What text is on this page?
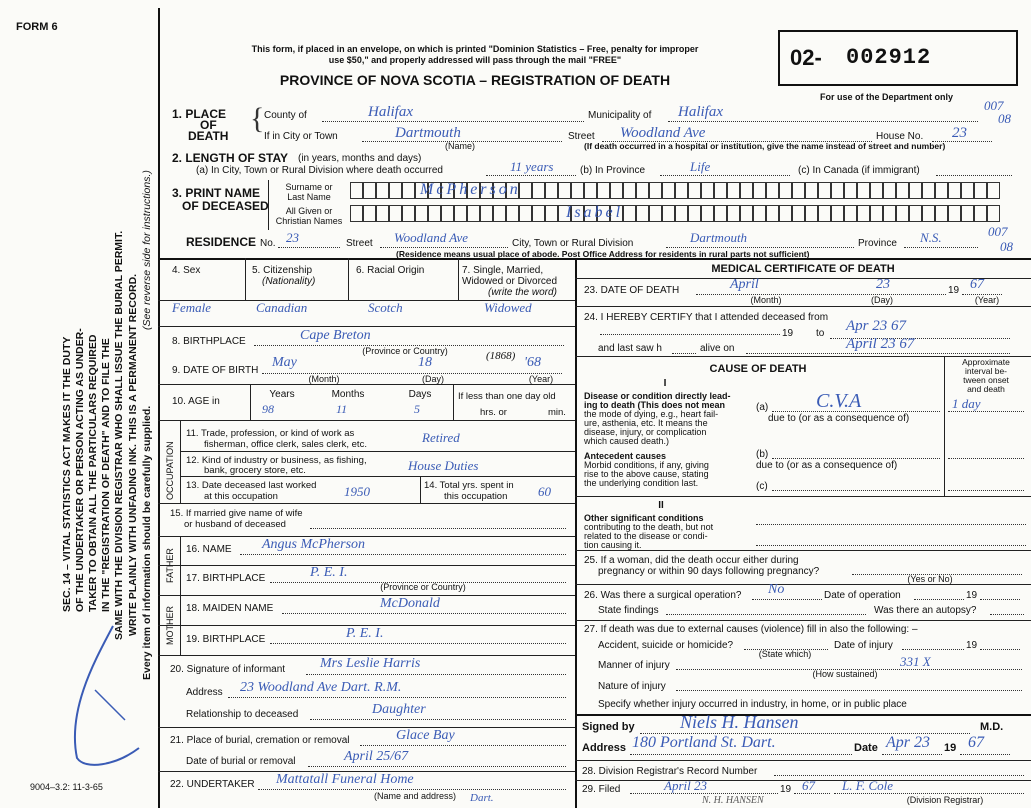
FORM 6
This form, if placed in an envelope, on which is printed "Dominion Statistics – Free, penalty for improper
use $50," and properly addressed will pass through the mail "FREE"
PROVINCE OF NOVA SCOTIA – REGISTRATION OF DEATH
02- 002912
For use of the Department only
SEC. 14 – VITAL STATISTICS ACT MAKES IT THE DUTY OF THE UNDERTAKER OR PERSON ACTING AS UNDER- TAKER TO OBTAIN ALL THE PARTICULARS REQUIRED IN THE "REGISTRATION OF DEATH" AND TO FILE THE SAME WITH THE DIVISION REGISTRAR WHO SHALL ISSUE THE BURIAL PERMIT. WRITE PLAINLY WITH UNFADING INK. THIS IS A PERMANENT RECORD. Every item of information should be carefully supplied.
(See reverse side for instructions.)
1. PLACE
OF
DEATH
{ County of	Halifax	Municipality of Halifax	007
08
If in City or Town	Dartmouth
(Name)
Street Woodland Ave	House No. 23
(If death occurred in a hospital or institution, give the name instead of street and number)
2. LENGTH OF STAY (in years, months and days)
(a) In City, Town or Rural Division where death occurred	11 years	(b) In Province	Life	(c) In Canada (if immigrant)
3. PRINT NAME
OF DECEASED
Surname or
Last Name
All Given or
Christian Names
McPherson
Isabel
RESIDENCE No. 23	Street Woodland Ave	City, Town or Rural Division	Dartmouth	Province N.S.	007
08
(Residence means usual place of abode. Post Office Address for residents in rural parts not sufficient)
4. Sex
Female
5. Citizenship
(Nationality)
Canadian
6. Racial Origin
Scotch
7. Single, Married,
Widowed or Divorced
(write the word)
Widowed
8. BIRTHPLACE	Cape Breton
(Province or Country)
9. DATE OF BIRTH
May	18	(1868) '68
(Month)	(Day)	(Year)
10. AGE in
Years	Months	Days
98	11	5
If less than one day old
hrs. or	min.
OCCUPATION
11. Trade, profession, or kind of work as
fisherman, office clerk, sales clerk, etc.	Retired
12. Kind of industry or business, as fishing,
bank, grocery store, etc.	House Duties
13. Date deceased last worked
at this occupation	1950	14. Total yrs. spent in
this occupation 60
15. If married give name of wife
or husband of deceased
FATHER 16. NAME Angus McPherson
17. BIRTHPLACE	P. E. I.
(Province or Country)
MOTHER 18. MAIDEN NAME	McDonald
19. BIRTHPLACE	P. E. I.
20. Signature of informant Mrs Leslie Harris
Address 23 Woodland Ave Dart. R.M.
Relationship to deceased	Daughter
21. Place of burial, cremation or removal	Glace Bay
Date of burial or removal	April 25/67
22. UNDERTAKER Mattatall Funeral Home
Dart.
(Name and address)
9004–3.2: 11-3-65
MEDICAL CERTIFICATE OF DEATH
23. DATE OF DEATH	April	23	19 67
(Month)	(Day)	(Year)
24. I HEREBY CERTIFY that I attended deceased from
19 to Apr 23 67
and last saw h	alive on	April 23 67
CAUSE OF DEATH
Approximate
interval be-
tween onset
and death
I
Disease or condition directly lead-
ing to death (This does not mean
the mode of dying, e.g., heart fail-
ure, asthenia, etc. It means the
disease, injury, or complication
which caused death.)
(a) C.V.A	1 day
due to (or as a consequence of)
Antecedent causes
Morbid conditions, if any, giving
rise to the above cause, stating
the underlying condition last.
(b)
due to (or as a consequence of)
(c)
II
Other significant conditions
contributing to the death, but not
related to the disease or condi-
tion causing it.
25. If a woman, did the death occur either during
pregnancy or within 90 days following pregnancy?
(Yes or No)
26. Was there a surgical operation? No	Date of operation	19
State findings	Was there an autopsy?
27. If death was due to external causes (violence) fill in also the following: –
Accident, suicide or homicide?
(State which)
Date of injury	19
Manner of injury	331 X
(How sustained)
Nature of injury
Specify whether injury occurred in industry, in home, or in public place
Signed by	Niels H. Hansen	M.D.
Address 180 Portland St. Dart.	Date Apr 23 19 67
28. Division Registrar's Record Number
29. Filed	April 23	19 67 L. F. Cole
(Division Registrar)
N. H. HANSEN
